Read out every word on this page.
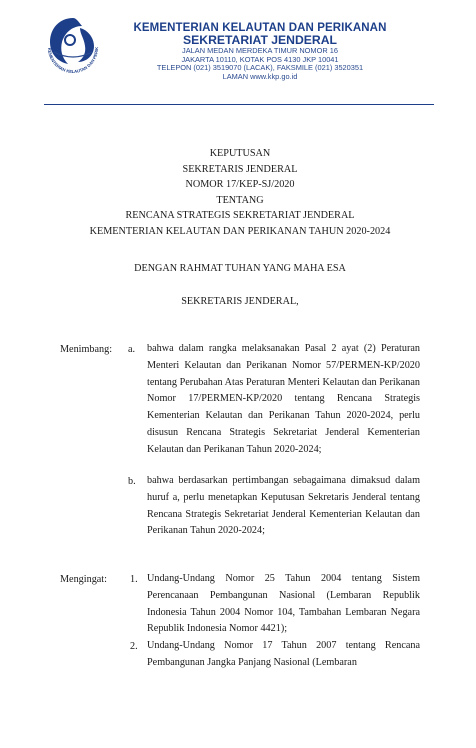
KEMENTERIAN KELAUTAN DAN PERIK
KEMENTERIAN KELAUTAN DAN PERIKANAN
SEKRETARIAT JENDERAL
JALAN MEDAN MERDEKA TIMUR NOMOR 16
JAKARTA 10110, KOTAK POS 4130 JKP 10041
TELEPON (021) 3519070 (LACAK), FAKSMILE (021) 3520351
LAMAN www.kkp.go.id
KEPUTUSAN
SEKRETARIS JENDERAL
NOMOR 17/KEP-SJ/2020
TENTANG
RENCANA STRATEGIS SEKRETARIAT JENDERAL
KEMENTERIAN KELAUTAN DAN PERIKANAN TAHUN 2020-2024
DENGAN RAHMAT TUHAN YANG MAHA ESA
SEKRETARIS JENDERAL,
Menimbang: a. bahwa dalam rangka melaksanakan Pasal 2 ayat (2) Peraturan Menteri Kelautan dan Perikanan Nomor 57/PERMEN-KP/2020 tentang Perubahan Atas Peraturan Menteri Kelautan dan Perikanan Nomor 17/PERMEN-KP/2020 tentang Rencana Strategis Kementerian Kelautan dan Perikanan Tahun 2020-2024, perlu disusun Rencana Strategis Sekretariat Jenderal Kementerian Kelautan dan Perikanan Tahun 2020-2024;
b. bahwa berdasarkan pertimbangan sebagaimana dimaksud dalam huruf a, perlu menetapkan Keputusan Sekretaris Jenderal tentang Rencana Strategis Sekretariat Jenderal Kementerian Kelautan dan Perikanan Tahun 2020-2024;
Mengingat: 1. Undang-Undang Nomor 25 Tahun 2004 tentang Sistem Perencanaan Pembangunan Nasional (Lembaran Republik Indonesia Tahun 2004 Nomor 104, Tambahan Lembaran Negara Republik Indonesia Nomor 4421);
2. Undang-Undang Nomor 17 Tahun 2007 tentang Rencana Pembangunan Jangka Panjang Nasional (Lembaran
